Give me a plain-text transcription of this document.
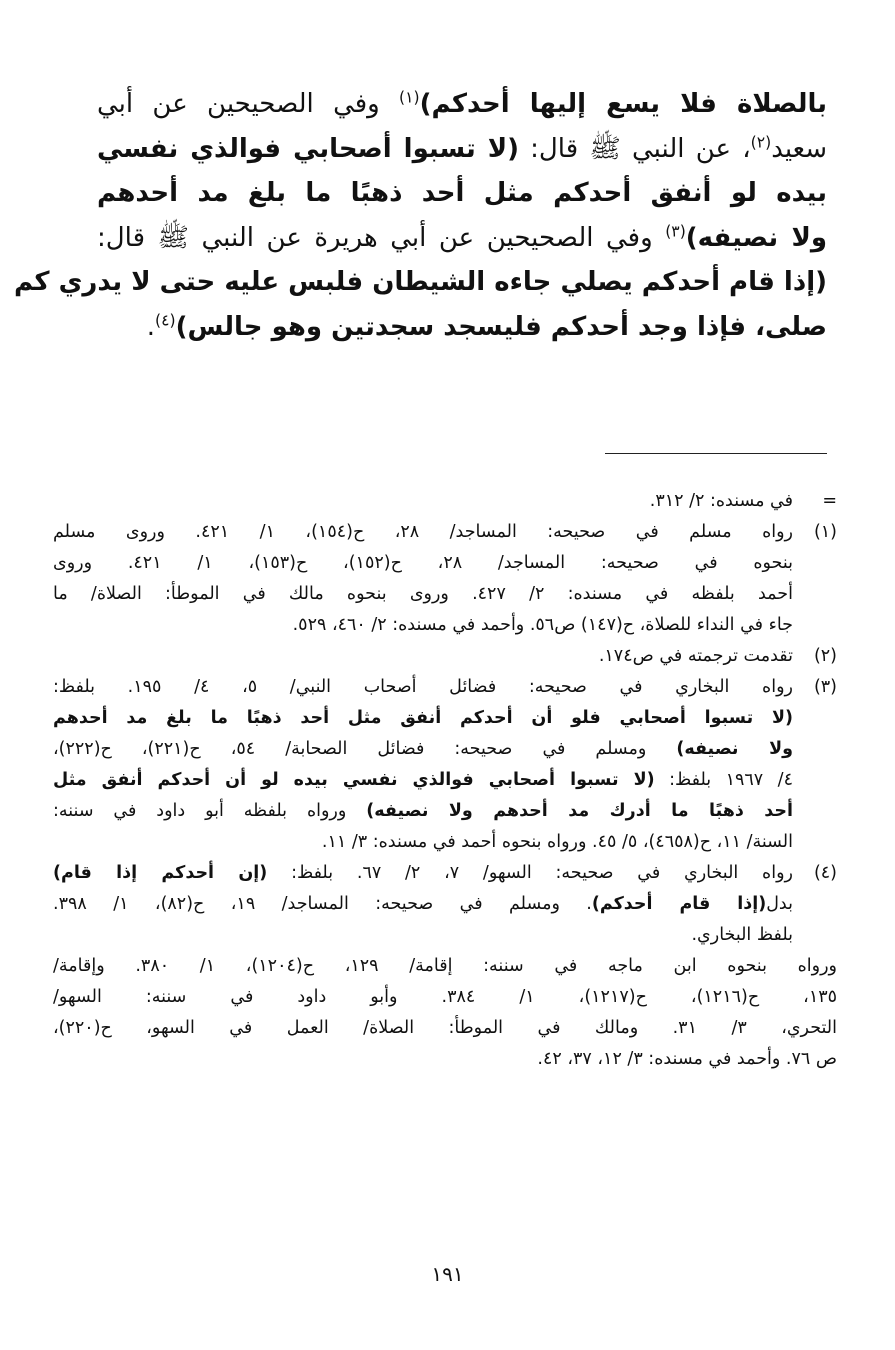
بالصلاة فلا يسع إليها أحدكم)$^{(١)}$ وفي الصحيحين عن أبي
سعيد$^{(٢)}$، عن النبي ﷺ قال: (لا تسبوا أصحابي فوالذي نفسي
بيده لو أنفق أحدكم مثل أحد ذهبًا ما بلغ مد أحدهم
ولا نصيفه)$^{(٣)}$ وفي الصحيحين عن أبي هريرة عن النبي ﷺ قال:
(إذا قام أحدكم يصلي جاءه الشيطان فلبس عليه حتى لا يدري كم
صلى، فإذا وجد أحدكم فليسجد سجدتين وهو جالس)$^{(٤)}$.
=
في مسنده: ٢/ ٣١٢.
(١)
رواه مسلم في صحيحه: المساجد/ ٢٨، ح(١٥٤)، ١/ ٤٢١. وروى مسلم
بنحوه في صحيحه: المساجد/ ٢٨، ح(١٥٢)، ح(١٥٣)، ١/ ٤٢١. وروى
أحمد بلفظه في مسنده: ٢/ ٤٢٧. وروى بنحوه مالك في الموطأ: الصلاة/ ما
جاء في النداء للصلاة، ح(١٤٧) ص٥٦. وأحمد في مسنده: ٢/ ٤٦٠، ٥٢٩.
(٢)
تقدمت ترجمته في ص١٧٤.
(٣)
رواه البخاري في صحيحه: فضائل أصحاب النبي/ ٥، ٤/ ١٩٥. بلفظ:
(لا تسبوا أصحابي فلو أن أحدكم أنفق مثل أحد ذهبًا ما بلغ مد أحدهم
ولا نصيفه) ومسلم في صحيحه: فضائل الصحابة/ ٥٤، ح(٢٢١)، ح(٢٢٢)،
٤/ ١٩٦٧ بلفظ: (لا تسبوا أصحابي فوالذي نفسي بيده لو أن أحدكم أنفق مثل
أحد ذهبًا ما أدرك مد أحدهم ولا نصيفه) ورواه بلفظه أبو داود في سننه:
السنة/ ١١، ح(٤٦٥٨)، ٥/ ٤٥. ورواه بنحوه أحمد في مسنده: ٣/ ١١.
(٤)
رواه البخاري في صحيحه: السهو/ ٧، ٢/ ٦٧. بلفظ: (إن أحدكم إذا قام)
بدل(إذا قام أحدكم). ومسلم في صحيحه: المساجد/ ١٩، ح(٨٢)، ١/ ٣٩٨.
بلفظ البخاري.
ورواه بنحوه ابن ماجه في سننه: إقامة/ ١٢٩، ح(١٢٠٤)، ١/ ٣٨٠. وإقامة/
١٣٥، ح(١٢١٦)، ح(١٢١٧)، ١/ ٣٨٤. وأبو داود في سننه: السهو/
التحري، ٣/ ٣١. ومالك في الموطأ: الصلاة/ العمل في السهو، ح(٢٢٠)،
ص ٧٦. وأحمد في مسنده: ٣/ ١٢، ٣٧، ٤٢.
١٩١
